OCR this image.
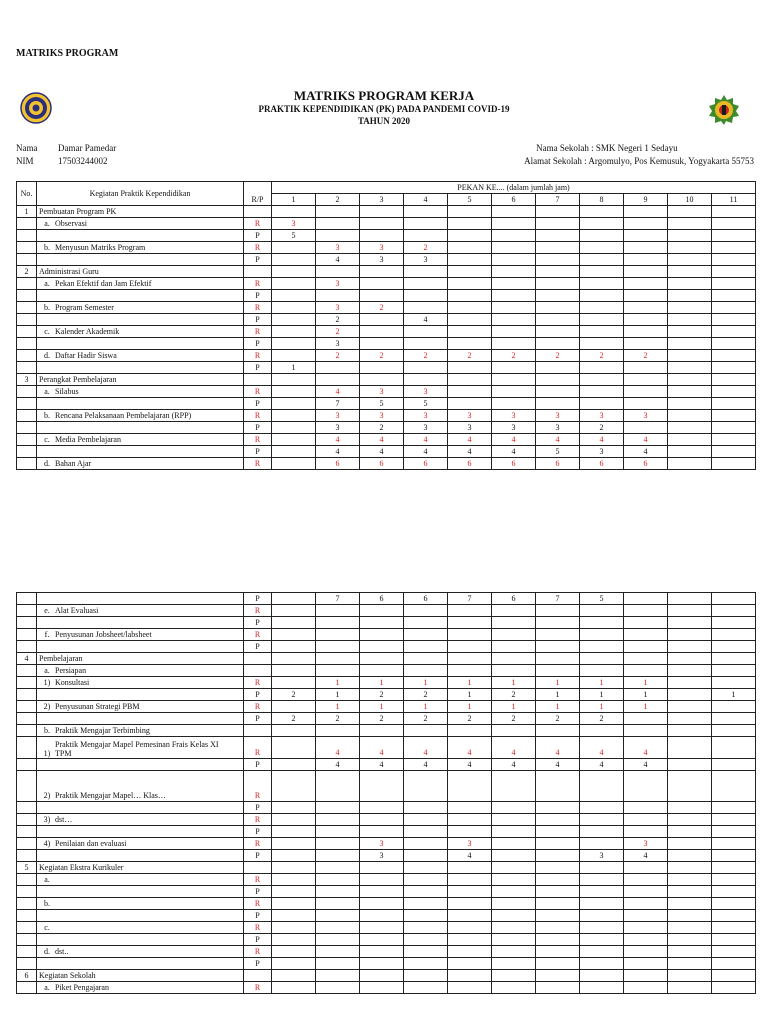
MATRIKS PROGRAM
MATRIKS PROGRAM KERJA
PRAKTIK KEPENDIDIKAN (PK) PADA PANDEMI COVID-19
TAHUN 2020
Nama Damar Pamedar
NIM	17503244002
Nama Sekolah : SMK Negeri 1 Sedayu
Alamat Sekolah : Argomulyo, Pos Kemusuk, Yogyakarta 55753
No.	Kegiatan Praktik Kependidikan	R/P	PEKAN KE.... (dalam jumlah jam)										
			1	2	3	4	5	6	7	8	9	10	11
1	Pembuatan Program PK												
	a. Observasi	R	3										
		P	5										
	b. Menyusun Matriks Program	R		3	3	2							
		P		4	3	3							
2	Administrasi Guru												
	a. Pekan Efektif dan Jam Efektif	R		3									
		P											
	b. Program Semester	R		3	2								
		P		2		4							
	c. Kalender Akademik	R		2									
		P		3									
	d. Daftar Hadir Siswa	R		2	2	2	2	2	2	2	2		
		P	1										
3	Perangkat Pembelajaran												
	a. Silabus	R		4	3	3							
		P		7	5	5							
	b. Rencana Pelaksanaan Pembelajaran (RPP)	R		3	3	3	3	3	3	3	3		
		P		3	2	3	3	3	3	2			
	c. Media Pembelajaran	R		4	4	4	4	4	4	4	4		
		P		4	4	4	4	4	5	3	4		
	d. Bahan Ajar	R		6	6	6	6	6	6	6	6		
		P		7	6	6	7	6	7	5			
	e. Alat Evaluasi	R											
		P											
	f. Penyusunan Jobsheet/labsheet	R											
		P											
4	Pembelajaran												
	a. Persiapan												
	1) Konsultasi	R		1	1	1	1	1	1	1	1		
		P	2	1	2	2	1	2	1	1	1		1
	2) Penyusunan Strategi PBM	R		1	1	1	1	1	1	1	1		
		P	2	2	2	2	2	2	2	2			
	b. Praktik Mengajar Terbimbing												
	1)Praktik Mengajar Mapel Pemesinan Frais Kelas XI TPM	R		4	4	4	4	4	4	4	4		
		P		4	4	4	4	4	4	4	4		
	2) Praktik Mengajar Mapel… Klas…	R											
		P											
	3) dst…	R											
		P											
	4) Penilaian dan evaluasi	R			3		3				3		
		P			3		4			3	4		
5	Kegiatan Ekstra Kurikuler												
	a.	R											
		P											
	b.	R											
		P											
	c.	R											
		P											
	d. dst..	R											
		P											
6	Kegiatan Sekolah												
	a. Piket Pengajaran	R											
